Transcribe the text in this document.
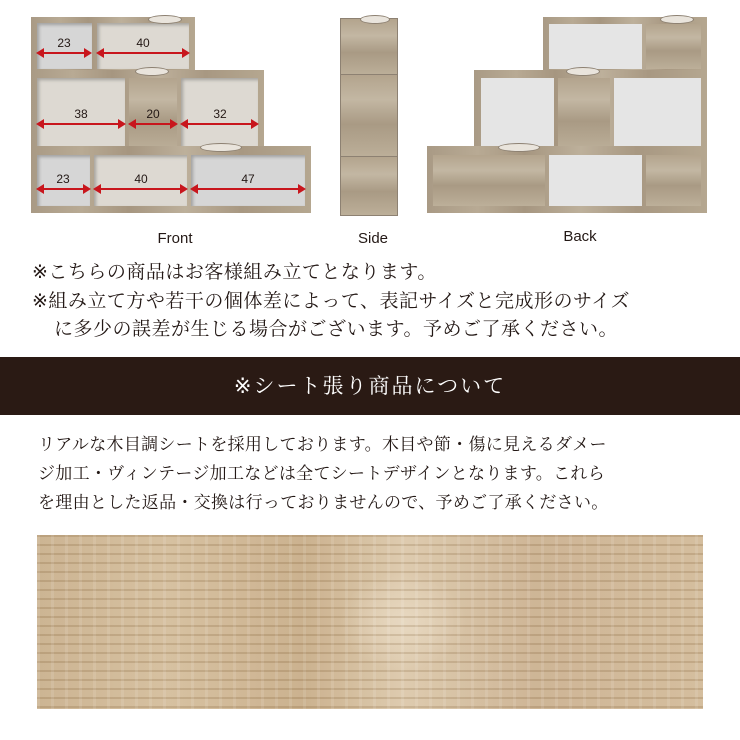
23	40
38	20	32
23	40	47
Front	Side	Back
※こちらの商品はお客様組み立てとなります。
※組み立て方や若干の個体差によって、表記サイズと完成形のサイズ
に多少の誤差が生じる場合がございます。予めご了承ください。
※シート張り商品について
リアルな木目調シートを採用しております。木目や節・傷に見えるダメー
ジ加工・ヴィンテージ加工などは全てシートデザインとなります。これら
を理由とした返品・交換は行っておりませんので、予めご了承ください。
